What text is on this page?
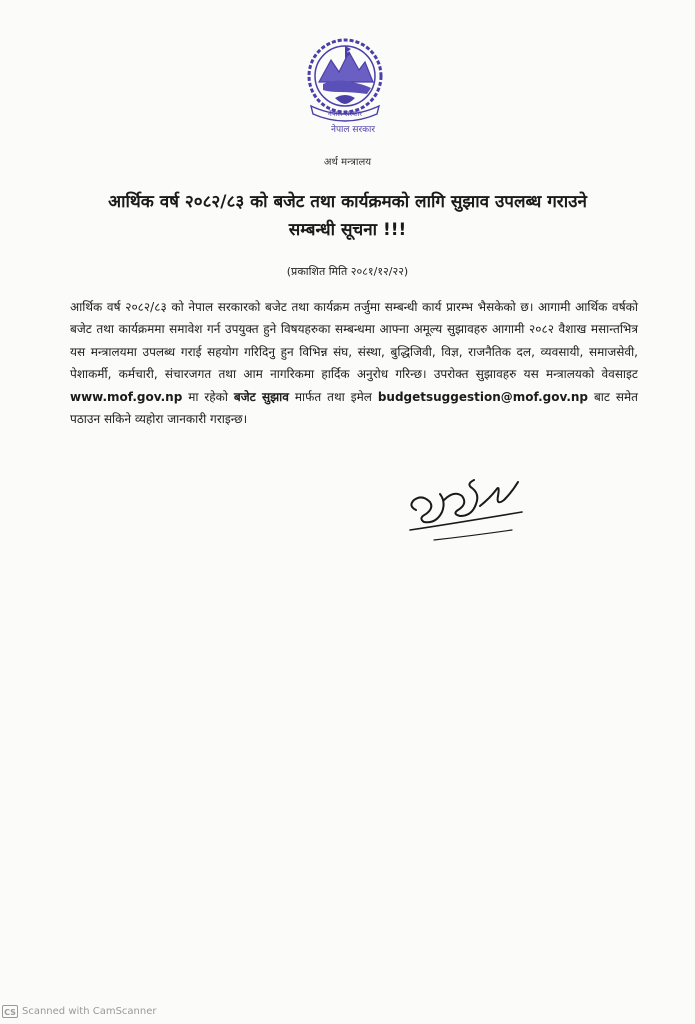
नेपाल सरकार
नेपाल सरकार
अर्थ मन्त्रालय
आर्थिक वर्ष २०८२/८३ को बजेट तथा कार्यक्रमको लागि सुझाव उपलब्ध गराउने
सम्बन्धी सूचना !!!
(प्रकाशित मिति २०८१/१२/२२)
आर्थिक वर्ष २०८२/८३ को नेपाल सरकारको बजेट तथा कार्यक्रम तर्जुमा सम्बन्धी कार्य प्रारम्भ भैसकेको छ। आगामी आर्थिक वर्षको बजेट तथा कार्यक्रममा समावेश गर्न उपयुक्त हुने विषयहरुका सम्बन्धमा आफ्ना अमूल्य सुझावहरु आगामी २०८२ वैशाख मसान्तभित्र यस मन्त्रालयमा उपलब्ध गराई सहयोग गरिदिनु हुन विभिन्न संघ, संस्था, बुद्धिजिवी, विज्ञ, राजनैतिक दल, व्यवसायी, समाजसेवी, पेशाकर्मी, कर्मचारी, संचारजगत तथा आम नागरिकमा हार्दिक अनुरोध गरिन्छ। उपरोक्त सुझावहरु यस मन्त्रालयको वेवसाइट www.mof.gov.np मा रहेको बजेट सुझाव मार्फत तथा इमेल budgetsuggestion@mof.gov.np बाट समेत पठाउन सकिने व्यहोरा जानकारी गराइन्छ।
CS Scanned with CamScanner
